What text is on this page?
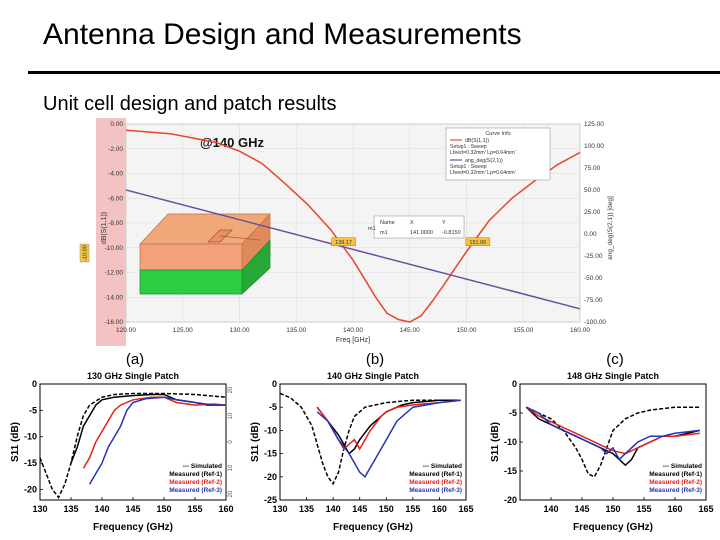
Antenna Design and Measurements
Unit cell design and patch results
120.00	125.00	130.00	135.00	140.00	145.00	150.00	155.00	160.00
0.00
-2.00
-4.00
-6.00
-8.00
-10.00
-12.00
-14.00
-16.00
125.00
100.00
75.00
50.00
25.00
0.00
-25.00
-50.00
-75.00
-100.00
Freq [GHz]
dB(S(1,1))	ang_deg(S(2,1)) [deg]
-10.00
@140 GHz
139.17	151.00
m1
Name
m1
X
141.0000
Y
-0.8150
Curve Info
dB(S(1,1))
Setup1 : Sweep
Lfeed=0.32mm' Lp=0.64mm'
ang_deg(S(2,1))
Setup1 : Sweep
Lfeed=0.32mm' Lp=0.64mm'
(a)
130 GHz Single Patch
130 135 140 145 150 155 160
0
-5
-10
-15
-20
20
10
0
10
20
Frequency (GHz)
S11 (dB)
--- Simulated
Measured (Ref-1)
Measured (Ref-2)
Measured (Ref-3)
(b)
140 GHz Single Patch
130 135 140 145 150 155 160 165
0
-5
-10
-15
-20
-25
Frequency (GHz)
S11 (dB)
--- Simulated
Measured (Ref-1)
Measured (Ref-2)
Measured (Ref-3)
(c)
148 GHz Single Patch
140 145 150 155 160 165
0
-5
-10
-15
-20
Frequency (GHz)
S11 (dB)
--- Simulated
Measured (Ref-1)
Measured (Ref-2)
Measured (Ref-3)
